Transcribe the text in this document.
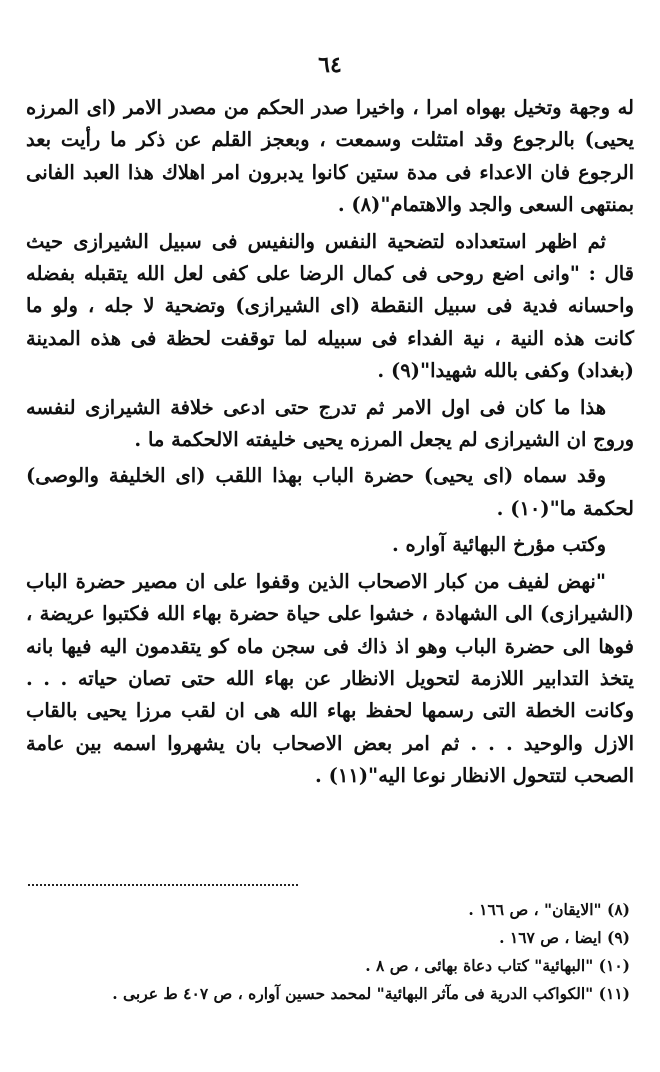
٦٤

له وجهة وتخيل بهواه امرا ، واخيرا صدر الحكم من مصدر الامر (اى المرزه يحيى) بالرجوع وقد امتثلت وسمعت ، وبعجز القلم عن ذكر ما رأيت بعد الرجوع فان الاعداء فى مدة ستين كانوا يدبرون امر اهلاك هذا العبد الفانى بمنتهى السعى والجد والاهتمام"(٨) .

ثم اظهر استعداده لتضحية النفس والنفيس فى سبيل الشيرازى حيث قال : "وانى اضع روحى فى كمال الرضا على كفى لعل الله يتقبله بفضله واحسانه فدية فى سبيل النقطة (اى الشيرازى) وتضحية لا جله ، ولو ما كانت هذه النية ، نية الفداء فى سبيله لما توقفت لحظة فى هذه المدينة (بغداد) وكفى بالله شهيدا"(٩) .

هذا ما كان فى اول الامر ثم تدرج حتى ادعى خلافة الشيرازى لنفسه وروج ان الشيرازى لم يجعل المرزه يحيى خليفته الالحكمة ما .

وقد سماه (اى يحيى) حضرة الباب بهذا اللقب (اى الخليفة والوصى) لحكمة ما"(١٠) .

وكتب مؤرخ البهائية آواره .

"نهض لفيف من كبار الاصحاب الذين وقفوا على ان مصير حضرة الباب (الشيرازى) الى الشهادة ، خشوا على حياة حضرة بهاء الله فكتبوا عريضة ، فوها الى حضرة الباب وهو اذ ذاك فى سجن ماه كو يتقدمون اليه فيها بانه يتخذ التدابير اللازمة لتحويل الانظار عن بهاء الله حتى تصان حياته . . . وكانت الخطة التى رسمها لحفظ بهاء الله هى ان لقب مرزا يحيى بالقاب الازل والوحيد . . . ثم امر بعض الاصحاب بان يشهروا اسمه بين عامة الصحب لتتحول الانظار نوعا اليه"(١١) .

(٨) "الايقان" ، ص ١٦٦ .

(٩) ايضا ، ص ١٦٧ .

(١٠) "البهائية" كتاب دعاة بهائى ، ص ٨ .

(١١) "الكواكب الدرية فى مآثر البهائية" لمحمد حسين آواره ، ص ٤٠٧ ط عربى .
